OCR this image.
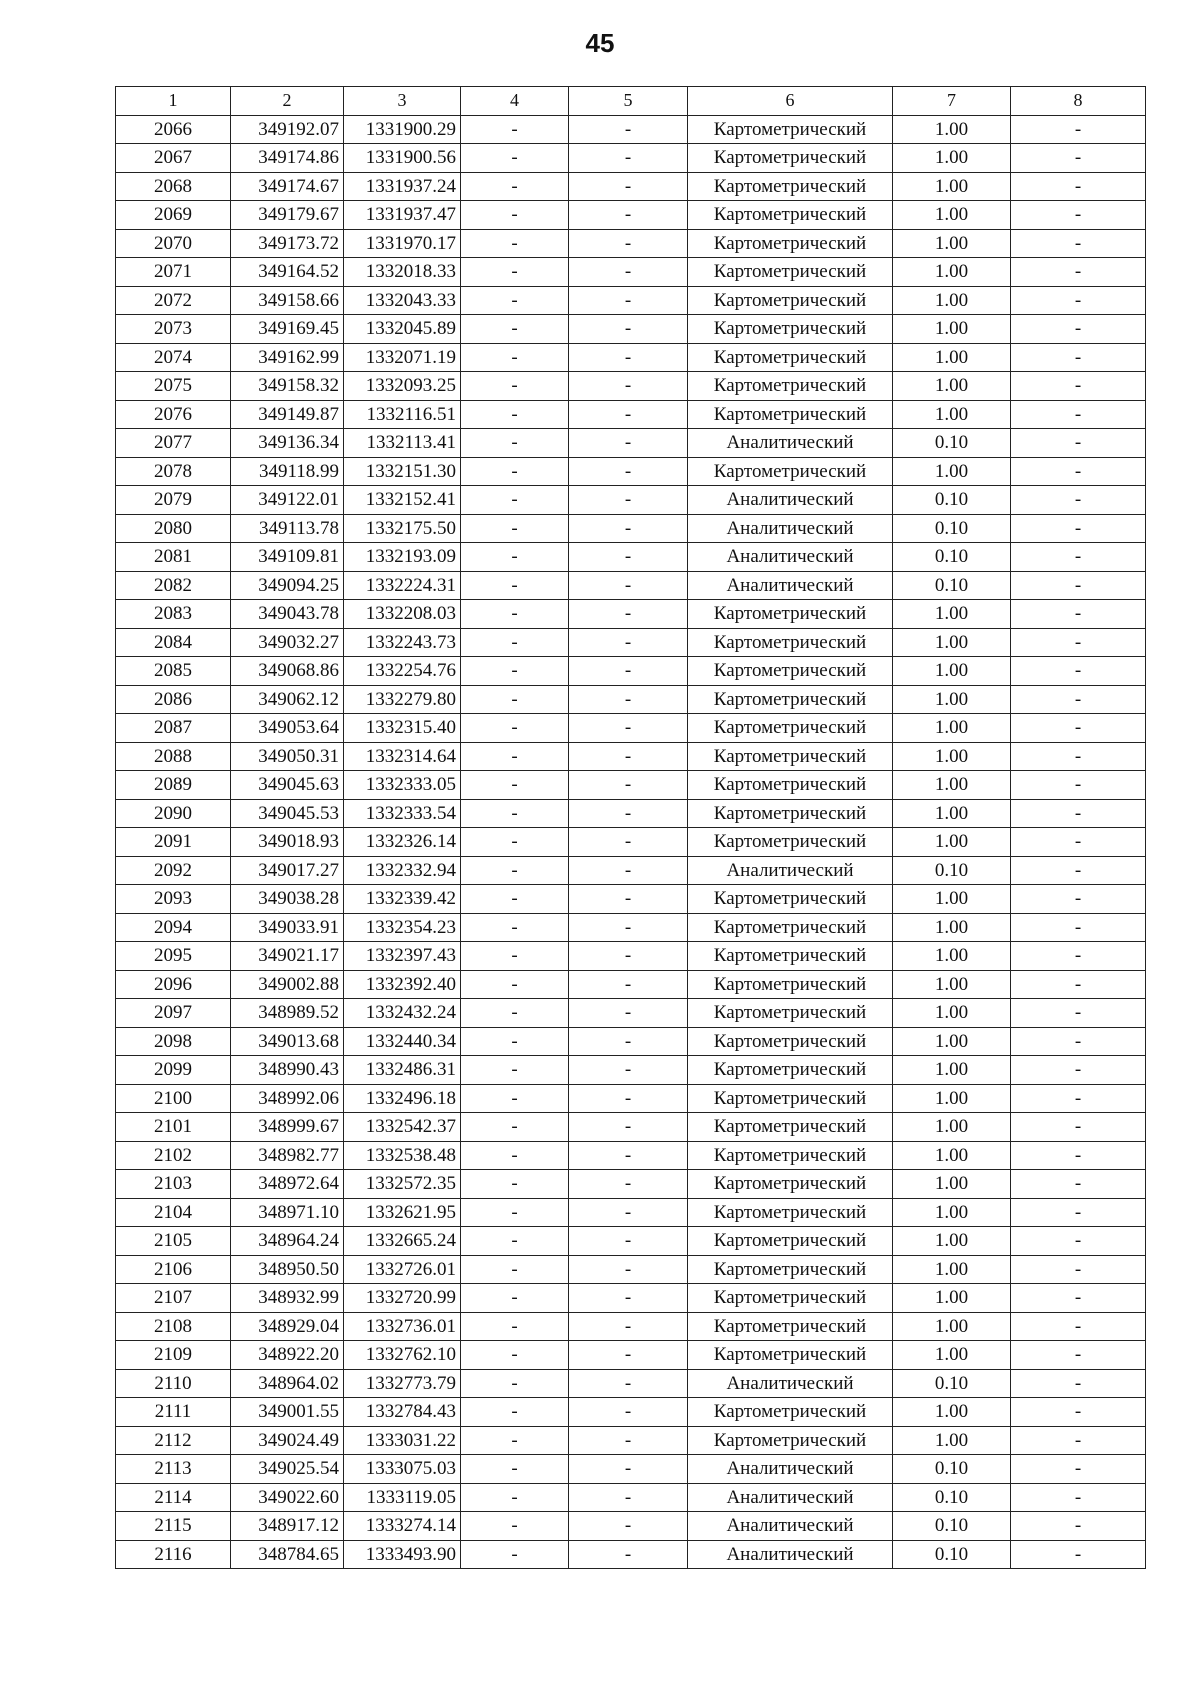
45
1	2	3	4	5	6	7	8
2066	349192.07	1331900.29	-	-	Картометрический	1.00	-
2067	349174.86	1331900.56	-	-	Картометрический	1.00	-
2068	349174.67	1331937.24	-	-	Картометрический	1.00	-
2069	349179.67	1331937.47	-	-	Картометрический	1.00	-
2070	349173.72	1331970.17	-	-	Картометрический	1.00	-
2071	349164.52	1332018.33	-	-	Картометрический	1.00	-
2072	349158.66	1332043.33	-	-	Картометрический	1.00	-
2073	349169.45	1332045.89	-	-	Картометрический	1.00	-
2074	349162.99	1332071.19	-	-	Картометрический	1.00	-
2075	349158.32	1332093.25	-	-	Картометрический	1.00	-
2076	349149.87	1332116.51	-	-	Картометрический	1.00	-
2077	349136.34	1332113.41	-	-	Аналитический	0.10	-
2078	349118.99	1332151.30	-	-	Картометрический	1.00	-
2079	349122.01	1332152.41	-	-	Аналитический	0.10	-
2080	349113.78	1332175.50	-	-	Аналитический	0.10	-
2081	349109.81	1332193.09	-	-	Аналитический	0.10	-
2082	349094.25	1332224.31	-	-	Аналитический	0.10	-
2083	349043.78	1332208.03	-	-	Картометрический	1.00	-
2084	349032.27	1332243.73	-	-	Картометрический	1.00	-
2085	349068.86	1332254.76	-	-	Картометрический	1.00	-
2086	349062.12	1332279.80	-	-	Картометрический	1.00	-
2087	349053.64	1332315.40	-	-	Картометрический	1.00	-
2088	349050.31	1332314.64	-	-	Картометрический	1.00	-
2089	349045.63	1332333.05	-	-	Картометрический	1.00	-
2090	349045.53	1332333.54	-	-	Картометрический	1.00	-
2091	349018.93	1332326.14	-	-	Картометрический	1.00	-
2092	349017.27	1332332.94	-	-	Аналитический	0.10	-
2093	349038.28	1332339.42	-	-	Картометрический	1.00	-
2094	349033.91	1332354.23	-	-	Картометрический	1.00	-
2095	349021.17	1332397.43	-	-	Картометрический	1.00	-
2096	349002.88	1332392.40	-	-	Картометрический	1.00	-
2097	348989.52	1332432.24	-	-	Картометрический	1.00	-
2098	349013.68	1332440.34	-	-	Картометрический	1.00	-
2099	348990.43	1332486.31	-	-	Картометрический	1.00	-
2100	348992.06	1332496.18	-	-	Картометрический	1.00	-
2101	348999.67	1332542.37	-	-	Картометрический	1.00	-
2102	348982.77	1332538.48	-	-	Картометрический	1.00	-
2103	348972.64	1332572.35	-	-	Картометрический	1.00	-
2104	348971.10	1332621.95	-	-	Картометрический	1.00	-
2105	348964.24	1332665.24	-	-	Картометрический	1.00	-
2106	348950.50	1332726.01	-	-	Картометрический	1.00	-
2107	348932.99	1332720.99	-	-	Картометрический	1.00	-
2108	348929.04	1332736.01	-	-	Картометрический	1.00	-
2109	348922.20	1332762.10	-	-	Картометрический	1.00	-
2110	348964.02	1332773.79	-	-	Аналитический	0.10	-
2111	349001.55	1332784.43	-	-	Картометрический	1.00	-
2112	349024.49	1333031.22	-	-	Картометрический	1.00	-
2113	349025.54	1333075.03	-	-	Аналитический	0.10	-
2114	349022.60	1333119.05	-	-	Аналитический	0.10	-
2115	348917.12	1333274.14	-	-	Аналитический	0.10	-
2116	348784.65	1333493.90	-	-	Аналитический	0.10	-
